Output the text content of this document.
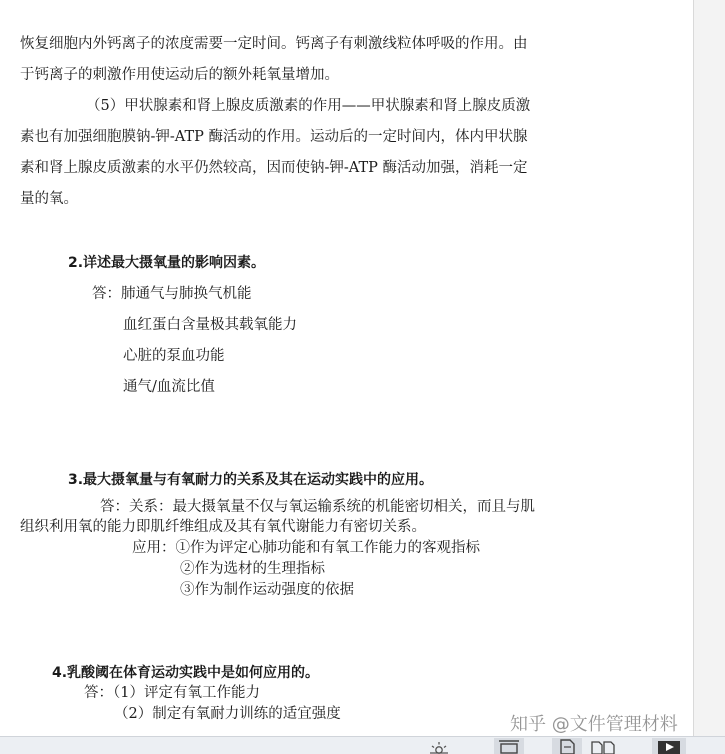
恢复细胞内外钙离子的浓度需要一定时间。钙离子有刺激线粒体呼吸的作用。由
于钙离子的刺激作用使运动后的额外耗氧量增加。
（5）甲状腺素和肾上腺皮质激素的作用——甲状腺素和肾上腺皮质激
素也有加强细胞膜钠-钾-ATP 酶活动的作用。运动后的一定时间内，体内甲状腺
素和肾上腺皮质激素的水平仍然较高，因而使钠-钾-ATP 酶活动加强，消耗一定
量的氧。
2.详述最大摄氧量的影响因素。
答：肺通气与肺换气机能
血红蛋白含量极其载氧能力
心脏的泵血功能
通气/血流比值
3.最大摄氧量与有氧耐力的关系及其在运动实践中的应用。
答：关系：最大摄氧量不仅与氧运输系统的机能密切相关，而且与肌
组织利用氧的能力即肌纤维组成及其有氧代谢能力有密切关系。
应用：①作为评定心肺功能和有氧工作能力的客观指标
②作为选材的生理指标
③作为制作运动强度的依据
4.乳酸阈在体育运动实践中是如何应用的。
答：（1）评定有氧工作能力
（2）制定有氧耐力训练的适宜强度	知乎 @文件管理材料
